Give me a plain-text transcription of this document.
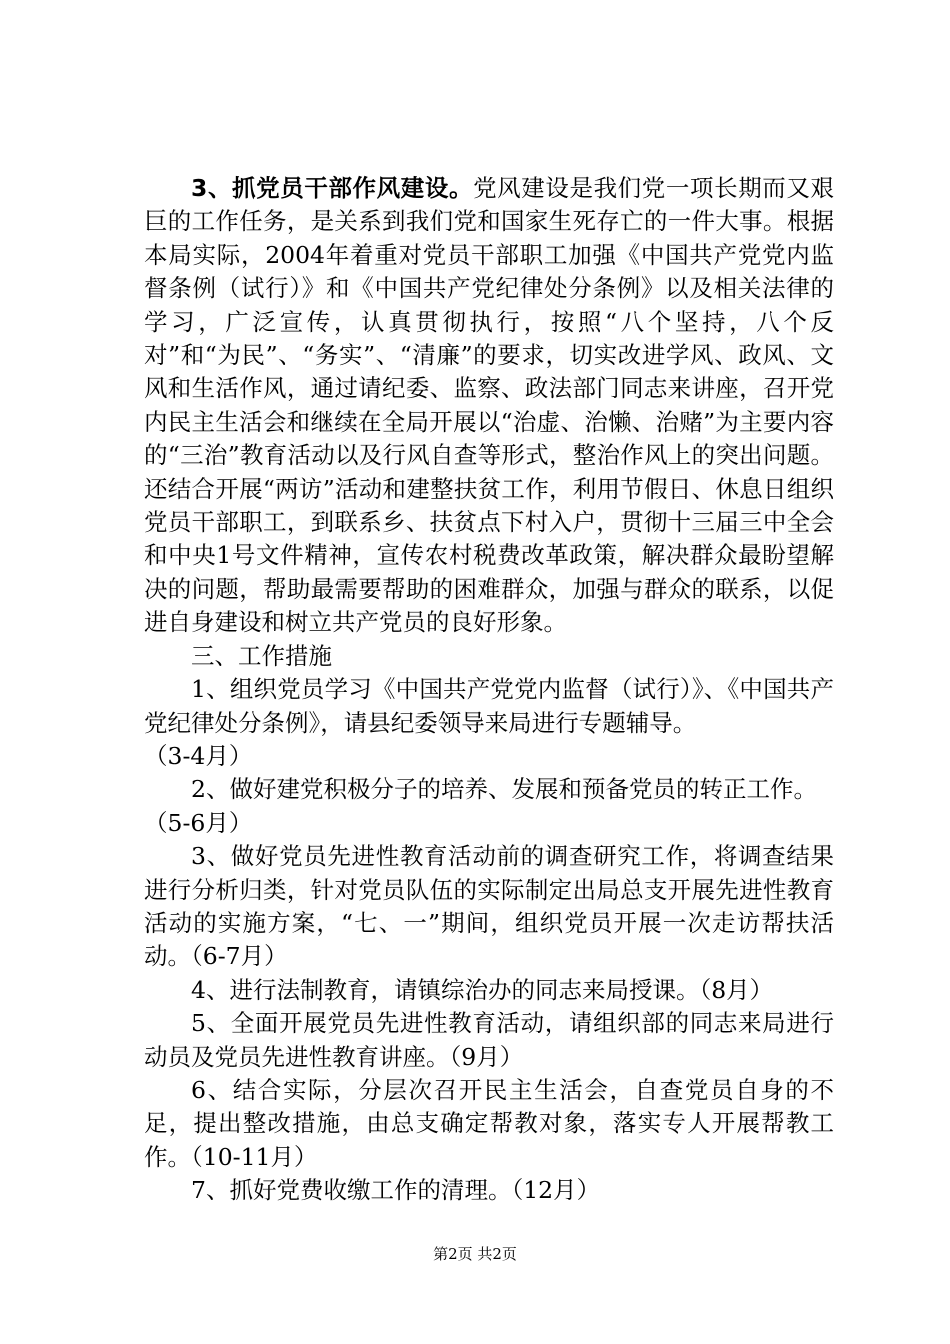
3、抓党员干部作风建设。党风建设是我们党一项长期而又艰巨的工作任务，是关系到我们党和国家生死存亡的一件大事。根据本局实际，2004年着重对党员干部职工加强《中国共产党党内监督条例（试行）》和《中国共产党纪律处分条例》以及相关法律的学习，广泛宣传，认真贯彻执行，按照“八个坚持，八个反对”和“为民”、“务实”、“清廉”的要求，切实改进学风、政风、文风和生活作风，通过请纪委、监察、政法部门同志来讲座，召开党内民主生活会和继续在全局开展以“治虚、治懒、治赌”为主要内容的“三治”教育活动以及行风自查等形式，整治作风上的突出问题。还结合开展“两访”活动和建整扶贫工作，利用节假日、休息日组织党员干部职工，到联系乡、扶贫点下村入户，贯彻十三届三中全会和中央1号文件精神，宣传农村税费改革政策，解决群众最盼望解决的问题，帮助最需要帮助的困难群众，加强与群众的联系，以促进自身建设和树立共产党员的良好形象。

三、工作措施

1、组织党员学习《中国共产党党内监督（试行）》、《中国共产党纪律处分条例》，请县纪委领导来局进行专题辅导。

（3-4月）

2、做好建党积极分子的培养、发展和预备党员的转正工作。

（5-6月）

3、做好党员先进性教育活动前的调查研究工作，将调查结果进行分析归类，针对党员队伍的实际制定出局总支开展先进性教育活动的实施方案，“七、一”期间，组织党员开展一次走访帮扶活动。（6-7月）

4、进行法制教育，请镇综治办的同志来局授课。（8月）

5、全面开展党员先进性教育活动，请组织部的同志来局进行动员及党员先进性教育讲座。（9月）

6、结合实际，分层次召开民主生活会，自查党员自身的不足，提出整改措施，由总支确定帮教对象，落实专人开展帮教工作。（10-11月）

7、抓好党费收缴工作的清理。（12月）

第2页 共2页
